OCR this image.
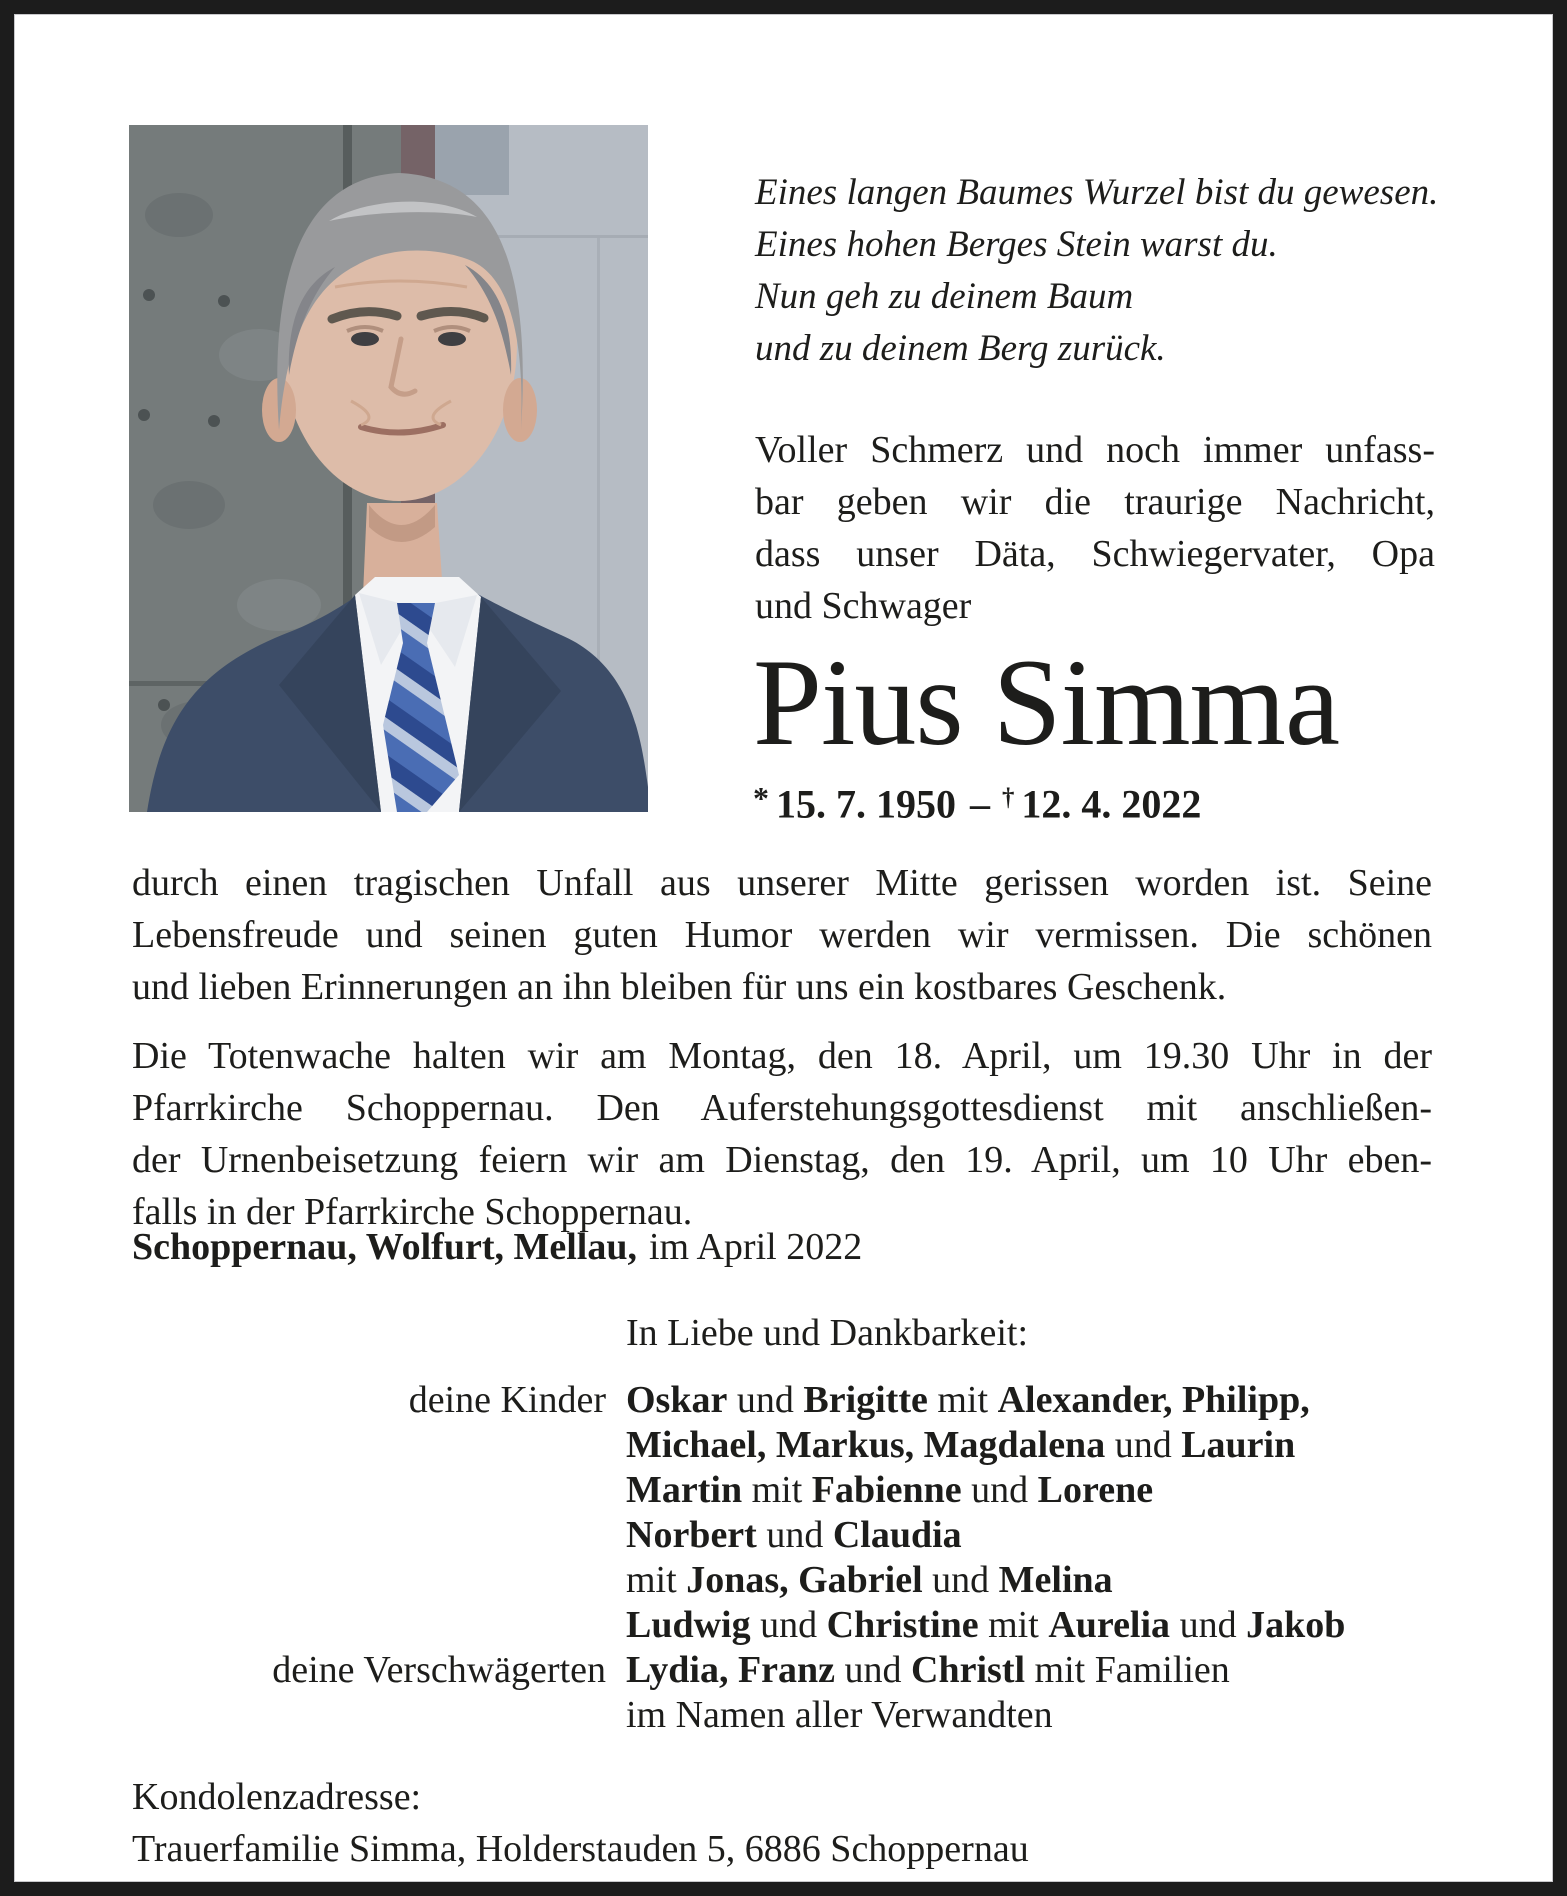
Eines langen Baumes Wurzel bist du gewesen.
Eines hohen Berges Stein warst du.
Nun geh zu deinem Baum
und zu deinem Berg zurück.
Voller Schmerz und noch immer unfass-
bar geben wir die traurige Nachricht,
dass unser Däta, Schwiegervater, Opa
und Schwager
Pius Simma
* 15. 7. 1950 – † 12. 4. 2022
durch einen tragischen Unfall aus unserer Mitte gerissen worden ist. Seine
Lebensfreude und seinen guten Humor werden wir vermissen. Die schönen
und lieben Erinnerungen an ihn bleiben für uns ein kostbares Geschenk.
Die Totenwache halten wir am Montag, den 18. April, um 19.30 Uhr in der
Pfarrkirche Schoppernau. Den Auferstehungsgottesdienst mit anschließen-
der Urnenbeisetzung feiern wir am Dienstag, den 19. April, um 10 Uhr eben-
falls in der Pfarrkirche Schoppernau.
Schoppernau, Wolfurt, Mellau, im April 2022
In Liebe und Dankbarkeit:
deine Kinder Oskar und Brigitte mit Alexander, Philipp,
Michael, Markus, Magdalena und Laurin
Martin mit Fabienne und Lorene
Norbert und Claudia
mit Jonas, Gabriel und Melina
Ludwig und Christine mit Aurelia und Jakob
deine Verschwägerten Lydia, Franz und Christl mit Familien
im Namen aller Verwandten
Kondolenzadresse:
Trauerfamilie Simma, Holderstauden 5, 6886 Schoppernau
